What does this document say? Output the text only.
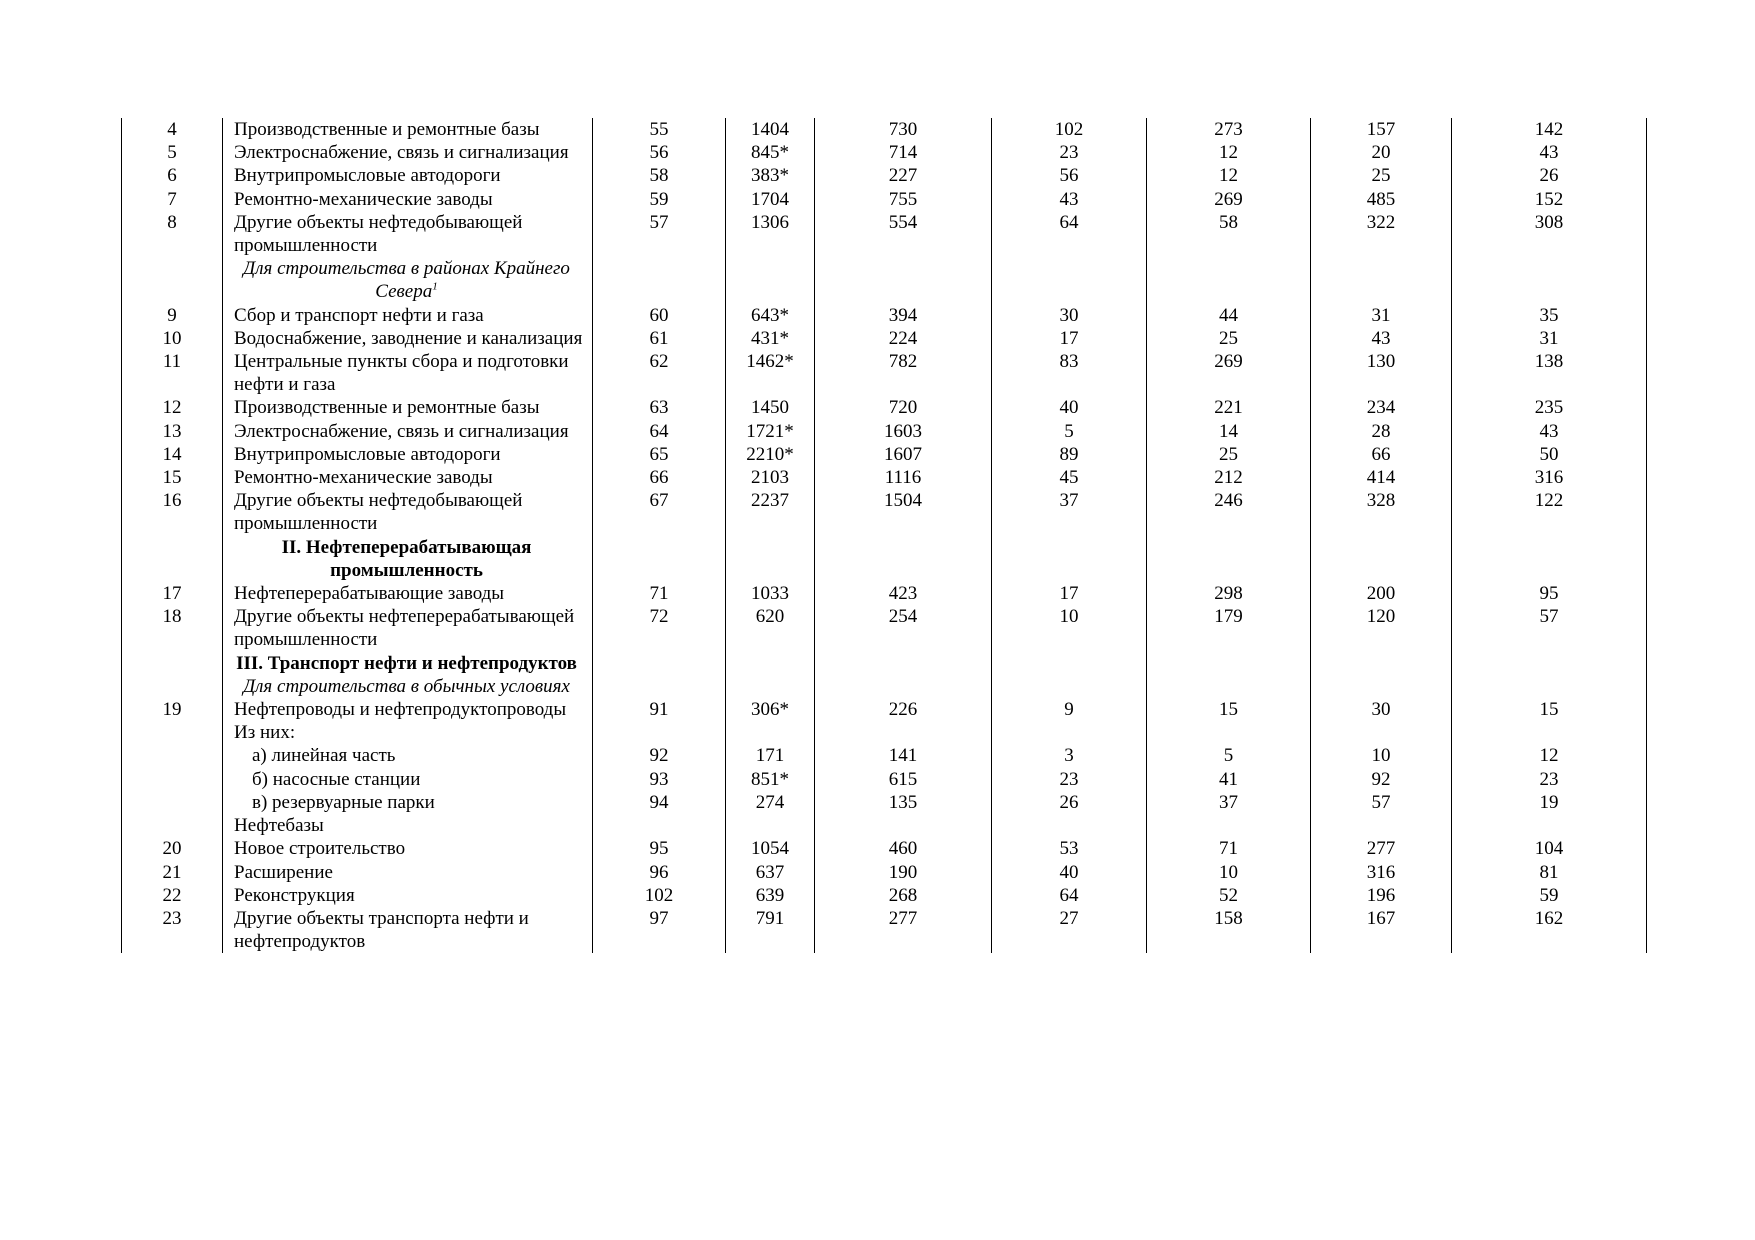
4	Производственные и ремонтные базы	55	1404	730	102	273	157	142
5	Электроснабжение, связь и сигнализация	56	845*	714	23	12	20	43
6	Внутрипромысловые автодороги	58	383*	227	56	12	25	26
7	Ремонтно-механические заводы	59	1704	755	43	269	485	152
8	Другие объекты нефтедобывающей промышленности	57	1306	554	64	58	322	308
	Для строительства в районах Крайнего Севера$^1$							
9	Сбор и транспорт нефти и газа	60	643*	394	30	44	31	35
10	Водоснабжение, заводнение и канализация	61	431*	224	17	25	43	31
11	Центральные пункты сбора и подготовки нефти и газа	62	1462*	782	83	269	130	138
12	Производственные и ремонтные базы	63	1450	720	40	221	234	235
13	Электроснабжение, связь и сигнализация	64	1721*	1603	5	14	28	43
14	Внутрипромысловые автодороги	65	2210*	1607	89	25	66	50
15	Ремонтно-механические заводы	66	2103	1116	45	212	414	316
16	Другие объекты нефтедобывающей промышленности	67	2237	1504	37	246	328	122
	II. Нефтеперерабатывающая промышленность							
17	Нефтеперерабатывающие заводы	71	1033	423	17	298	200	95
18	Другие объекты нефтеперерабатывающей промышленности	72	620	254	10	179	120	57
	III. Транспорт нефти и нефтепродуктов							
	Для строительства в обычных условиях							
19	Нефтепроводы и нефтепродуктопроводы	91	306*	226	9	15	30	15
	Из них:							
	а) линейная часть	92	171	141	3	5	10	12
	б) насосные станции	93	851*	615	23	41	92	23
	в) резервуарные парки	94	274	135	26	37	57	19
	Нефтебазы							
20	Новое строительство	95	1054	460	53	71	277	104
21	Расширение	96	637	190	40	10	316	81
22	Реконструкция	102	639	268	64	52	196	59
23	Другие объекты транспорта нефти и нефтепродуктов	97	791	277	27	158	167	162
